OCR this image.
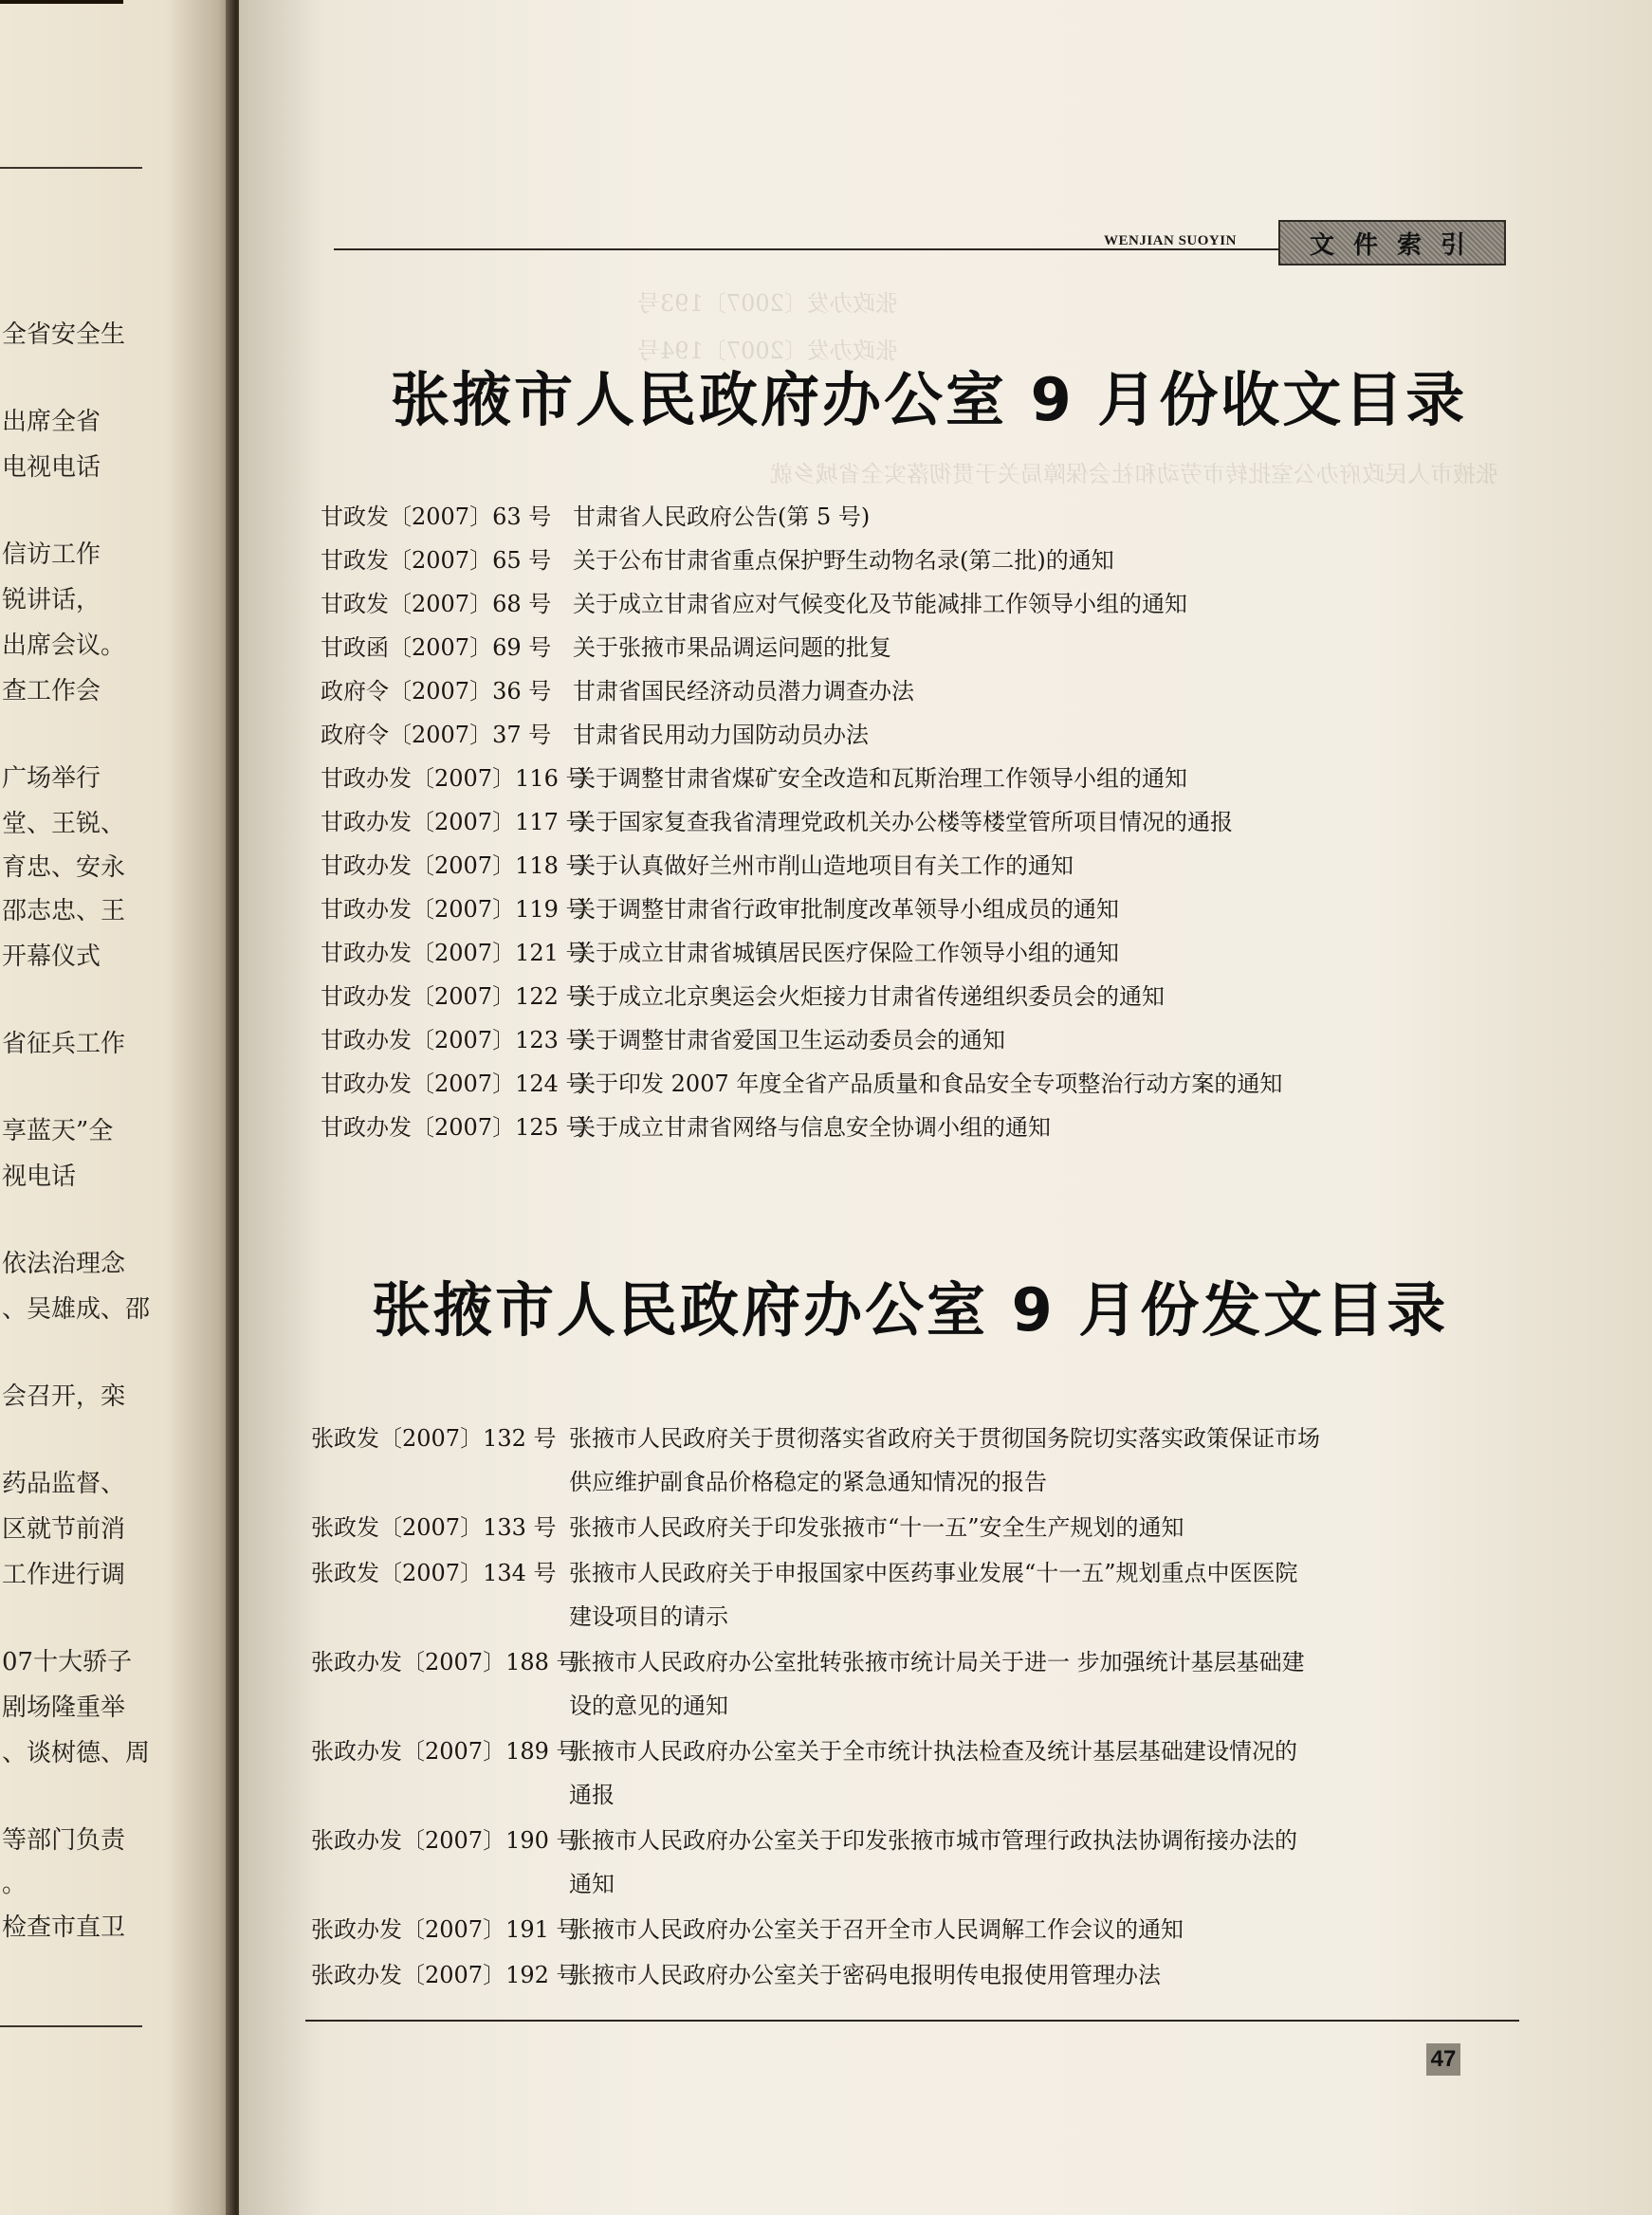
全省安全生
出席全省
电视电话
信访工作
锐讲话，
出席会议。
查工作会
广场举行
堂、王锐、
育忠、安永
邵志忠、王
开幕仪式
省征兵工作
享蓝天”全
视电话
依法治理念
、吴雄成、邵
会召开，栾
药品监督、
区就节前消
工作进行调
07十大骄子
剧场隆重举
、谈树德、周
等部门负责
。
检查市直卫
WENJIAN SUOYIN	文件索引
张政办发〔2007〕193号
张政办发〔2007〕194号
张掖市人民政府办公室批转市劳动和社会保障局关于贯彻落实全省城乡就
张掖市人民政府办公室 9 月份收文目录
甘政发〔2007〕63 号 甘肃省人民政府公告(第 5 号)
甘政发〔2007〕65 号 关于公布甘肃省重点保护野生动物名录(第二批)的通知
甘政发〔2007〕68 号 关于成立甘肃省应对气候变化及节能减排工作领导小组的通知
甘政函〔2007〕69 号 关于张掖市果品调运问题的批复
政府令〔2007〕36 号 甘肃省国民经济动员潜力调查办法
政府令〔2007〕37 号 甘肃省民用动力国防动员办法
甘政办发〔2007〕116 号
关于调整甘肃省煤矿安全改造和瓦斯治理工作领导小组的通知
甘政办发〔2007〕117 号
关于国家复查我省清理党政机关办公楼等楼堂管所项目情况的通报
甘政办发〔2007〕118 号
关于认真做好兰州市削山造地项目有关工作的通知
甘政办发〔2007〕119 号
关于调整甘肃省行政审批制度改革领导小组成员的通知
甘政办发〔2007〕121 号
关于成立甘肃省城镇居民医疗保险工作领导小组的通知
甘政办发〔2007〕122 号
关于成立北京奥运会火炬接力甘肃省传递组织委员会的通知
甘政办发〔2007〕123 号
关于调整甘肃省爱国卫生运动委员会的通知
甘政办发〔2007〕124 号
关于印发 2007 年度全省产品质量和食品安全专项整治行动方案的通知
甘政办发〔2007〕125 号
关于成立甘肃省网络与信息安全协调小组的通知
张掖市人民政府办公室 9 月份发文目录
张政发〔2007〕132 号 张掖市人民政府关于贯彻落实省政府关于贯彻国务院切实落实政策保证市场
供应维护副食品价格稳定的紧急通知情况的报告
张政发〔2007〕133 号 张掖市人民政府关于印发张掖市“十一五”安全生产规划的通知
张政发〔2007〕134 号 张掖市人民政府关于申报国家中医药事业发展“十一五”规划重点中医医院
建设项目的请示
张政办发〔2007〕188 号
张掖市人民政府办公室批转张掖市统计局关于进一 步加强统计基层基础建
设的意见的通知
张政办发〔2007〕189 号
张掖市人民政府办公室关于全市统计执法检查及统计基层基础建设情况的
通报
张政办发〔2007〕190 号
张掖市人民政府办公室关于印发张掖市城市管理行政执法协调衔接办法的
通知
张政办发〔2007〕191 号
张掖市人民政府办公室关于召开全市人民调解工作会议的通知
张政办发〔2007〕192 号
张掖市人民政府办公室关于密码电报明传电报使用管理办法
47
